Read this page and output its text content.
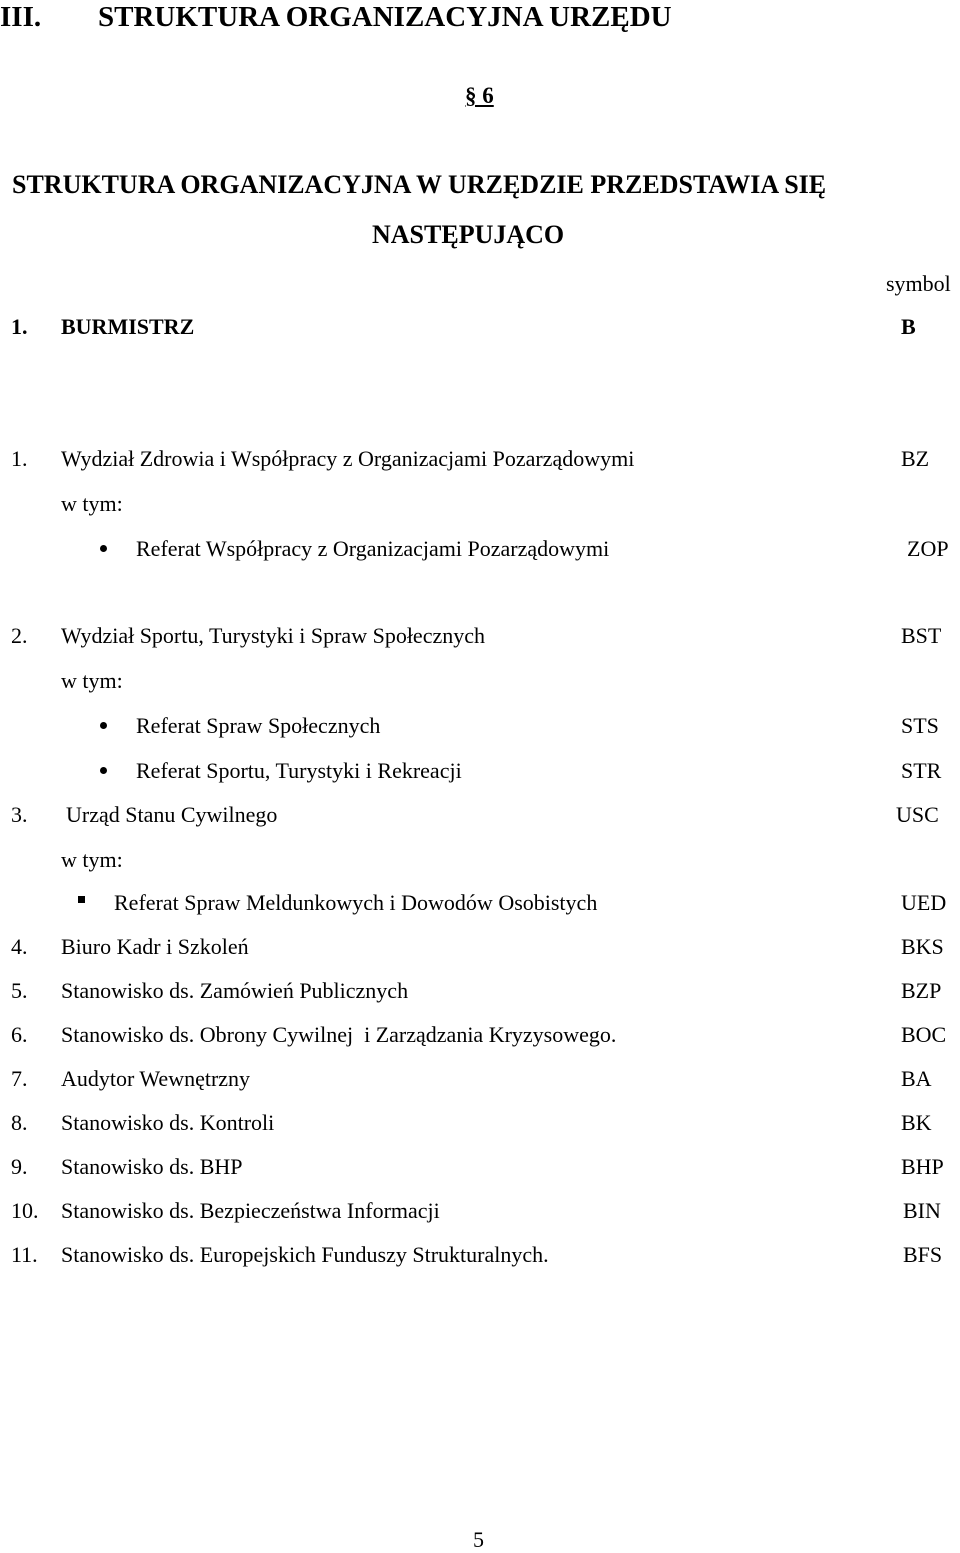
III. STRUKTURA ORGANIZACYJNA URZĘDU
§ 6
STRUKTURA ORGANIZACYJNA W URZĘDZIE PRZEDSTAWIA SIĘ
NASTĘPUJĄCO
symbol
1. BURMISTRZ	B
1. Wydział Zdrowia i Współpracy z Organizacjami Pozarządowymi	BZ
w tym:
Referat Współpracy z Organizacjami Pozarządowymi	ZOP
2. Wydział Sportu, Turystyki i Spraw Społecznych	BST
w tym:
Referat Spraw Społecznych	STS
Referat Sportu, Turystyki i Rekreacji	STR
3. Urząd Stanu Cywilnego	USC
w tym:
Referat Spraw Meldunkowych i Dowodów Osobistych	UED
4. Biuro Kadr i Szkoleń	BKS
5. Stanowisko ds. Zamówień Publicznych	BZP
6. Stanowisko ds. Obrony Cywilnej  i Zarządzania Kryzysowego.	BOC
7. Audytor Wewnętrzny	BA
8. Stanowisko ds. Kontroli	BK
9. Stanowisko ds. BHP	BHP
10. Stanowisko ds. Bezpieczeństwa Informacji	BIN
11. Stanowisko ds. Europejskich Funduszy Strukturalnych.	BFS
5
